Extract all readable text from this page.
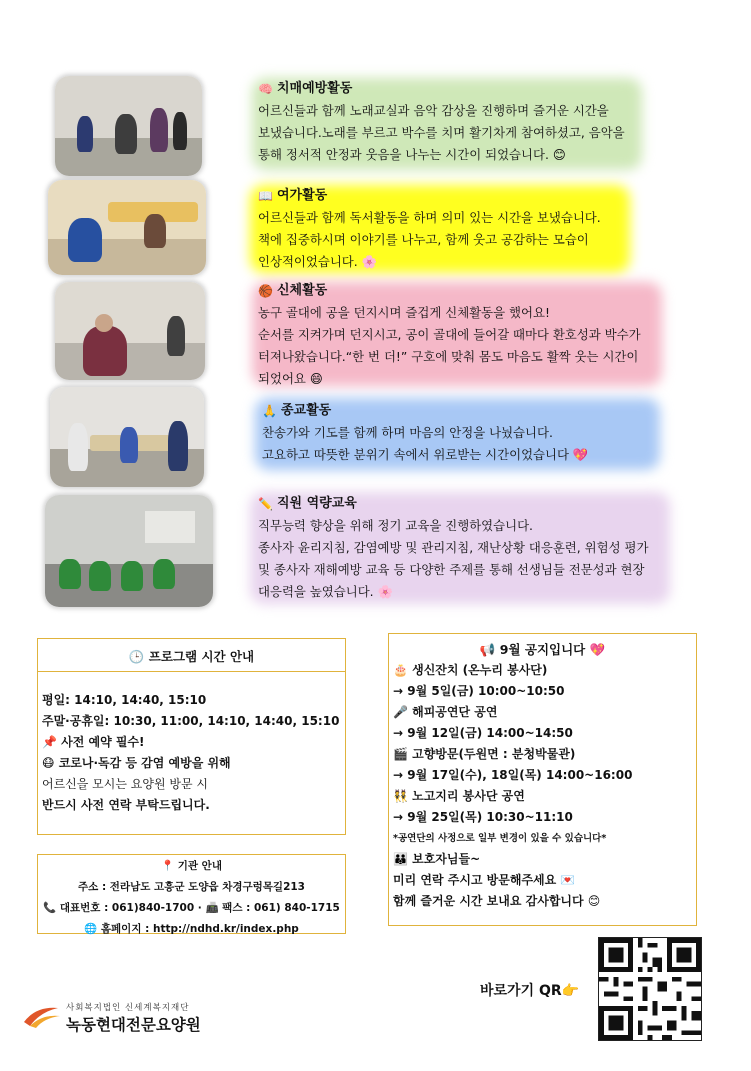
🧠 치매예방활동
어르신들과 함께 노래교실과 음악 감상을 진행하며 즐거운 시간을
보냈습니다.노래를 부르고 박수를 치며 활기차게 참여하셨고, 음악을
통해 정서적 안정과 웃음을 나누는 시간이 되었습니다. 😊
📖 여가활동
어르신들과 함께 독서활동을 하며 의미 있는 시간을 보냈습니다.
책에 집중하시며 이야기를 나누고, 함께 웃고 공감하는 모습이
인상적이었습니다. 🌸
🏀 신체활동
농구 골대에 공을 던지시며 즐겁게 신체활동을 했어요!
순서를 지켜가며 던지시고, 공이 골대에 들어갈 때마다 환호성과 박수가
터져나왔습니다.“한 번 더!” 구호에 맞춰 몸도 마음도 활짝 웃는 시간이
되었어요 😄
🙏 종교활동
찬송가와 기도를 함께 하며 마음의 안정을 나눴습니다.
고요하고 따뜻한 분위기 속에서 위로받는 시간이었습니다 💖
✏️ 직원 역량교육
직무능력 향상을 위해 정기 교육을 진행하였습니다.
종사자 윤리지침, 감염예방 및 관리지침, 재난상황 대응훈련, 위험성 평가
및 종사자 재해예방 교육 등 다양한 주제를 통해 선생님들 전문성과 현장
대응력을 높였습니다. 🌸
🕒 프로그램 시간 안내
평일: 14:10, 14:40, 15:10
주말·공휴일: 10:30, 11:00, 14:10, 14:40, 15:10
📌 사전 예약 필수!
😷 코로나·독감 등 감염 예방을 위해
어르신을 모시는 요양원 방문 시
반드시 사전 연락 부탁드립니다.
📢 9월 공지입니다 💖
🎂 생신잔치 (온누리 봉사단)
→ 9월 5일(금) 10:00~10:50
🎤 해피공연단 공연
→ 9월 12일(금) 14:00~14:50
🎬 고향방문(두원면 : 분청박물관)
→ 9월 17일(수), 18일(목) 14:00~16:00
👯 노고지리 봉사단 공연
→ 9월 25일(목) 10:30~11:10
*공연단의 사정으로 일부 변경이 있을 수 있습니다*
👪 보호자님들~
미리 연락 주시고 방문해주세요 💌
함께 즐거운 시간 보내요 감사합니다 😊
📍 기관 안내
주소 : 전라남도 고흥군 도양읍 차경구렁목길213
📞 대표번호 : 061)840-1700 · 📠 팩스 : 061) 840-1715
🌐 홈페이지 : http://ndhd.kr/index.php
바로가기 QR👉
사회복지법인 신세계복지재단
녹동현대전문요양원
